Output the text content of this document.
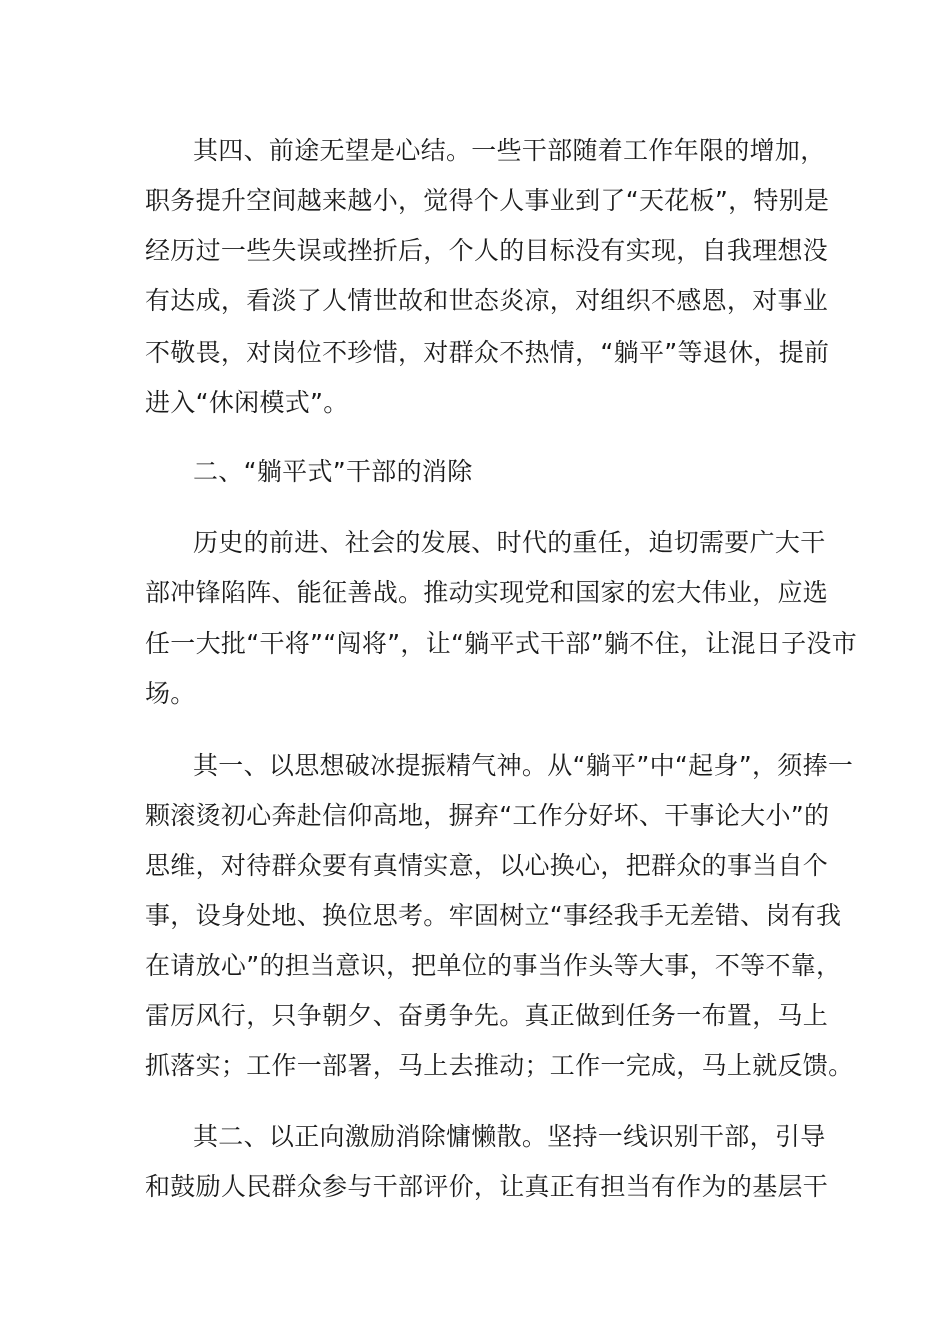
其四、前途无望是心结。一些干部随着工作年限的增加，
职务提升空间越来越小，觉得个人事业到了“天花板”，特别是
经历过一些失误或挫折后，个人的目标没有实现，自我理想没
有达成，看淡了人情世故和世态炎凉，对组织不感恩，对事业
不敬畏，对岗位不珍惜，对群众不热情，“躺平”等退休，提前
进入“休闲模式”。
二、“躺平式”干部的消除
历史的前进、社会的发展、时代的重任，迫切需要广大干
部冲锋陷阵、能征善战。推动实现党和国家的宏大伟业，应选
任一大批“干将”“闯将”，让“躺平式干部”躺不住，让混日子没市
场。
其一、以思想破冰提振精气神。从“躺平”中“起身”，须捧一
颗滚烫初心奔赴信仰高地，摒弃“工作分好坏、干事论大小”的
思维，对待群众要有真情实意，以心换心，把群众的事当自个
事，设身处地、换位思考。牢固树立“事经我手无差错、岗有我
在请放心”的担当意识，把单位的事当作头等大事，不等不靠，
雷厉风行，只争朝夕、奋勇争先。真正做到任务一布置，马上
抓落实；工作一部署，马上去推动；工作一完成，马上就反馈。
其二、以正向激励消除慵懒散。坚持一线识别干部，引导
和鼓励人民群众参与干部评价，让真正有担当有作为的基层干
